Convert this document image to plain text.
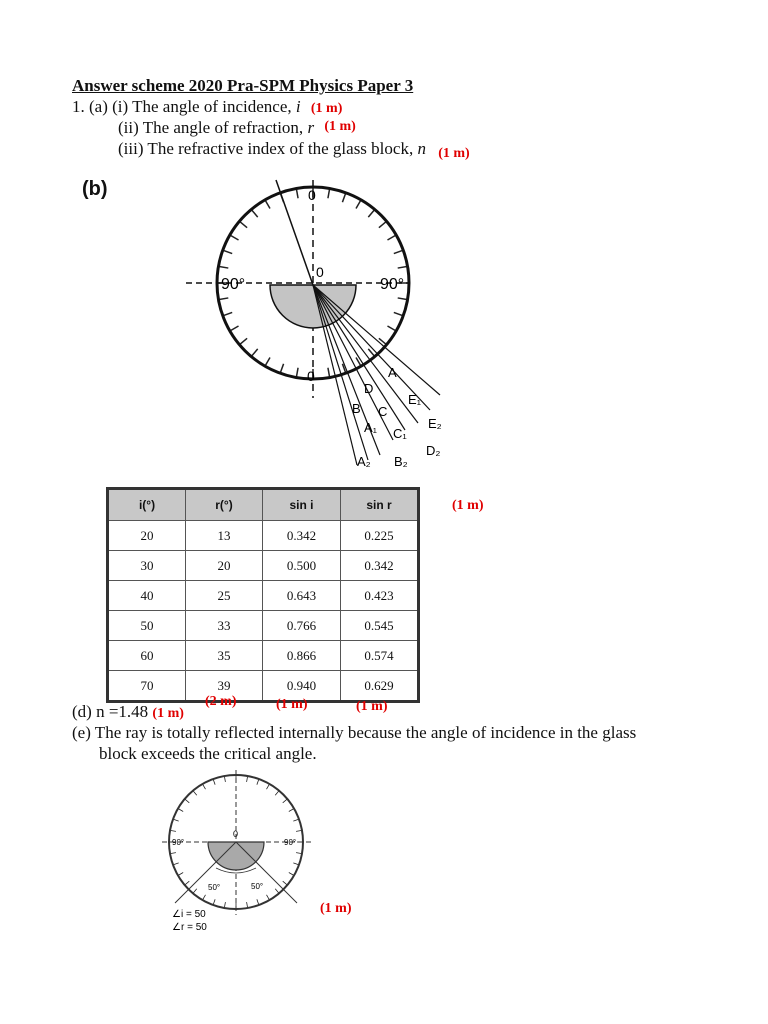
Answer scheme 2020 Pra-SPM Physics Paper 3
1. (a) (i) The angle of incidence, i (1 m)
(ii) The angle of refraction, r (1 m)
(iii) The refractive index of the glass block, n (1 m)
(b)	0
0
0
90°	90°
A
D
E₁
B C
E₂
A₁ C₁
D₂
A₂ B₂
i(°)	r(°)	sin i	sin r
20	13	0.342	0.225
30	20	0.500	0.342
40	25	0.643	0.423
50	33	0.766	0.545
60	35	0.866	0.574
70	39	0.940	0.629
(1 m)
(2 m)	(1 m)	(1 m)
(d) n =1.48 (1 m)
(e) The ray is totally reflected internally because the angle of incidence in the glass
block exceeds the critical angle.
0
90°	90°
50°	50°
∠i = 50
∠r = 50
(1 m)
